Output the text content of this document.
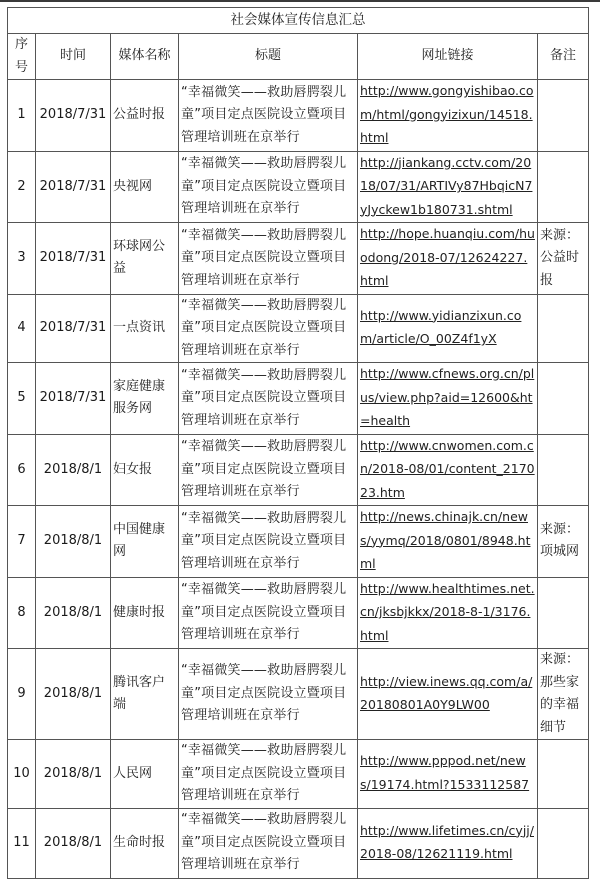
社会媒体宣传信息汇总					
序号	时间	媒体名称	标题	网址链接	备注
1	2018/7/31	公益时报	“幸福微笑——救助唇腭裂儿童”项目定点医院设立暨项目管理培训班在京举行	http://www.gongyishibao.com/html/gongyizixun/14518.html	
2	2018/7/31	央视网	“幸福微笑——救助唇腭裂儿童”项目定点医院设立暨项目管理培训班在京举行	http://jiankang.cctv.com/2018/07/31/ARTIVy87HbqicN7yJyckew1b180731.shtml	
3	2018/7/31	环球网公益	“幸福微笑——救助唇腭裂儿童”项目定点医院设立暨项目管理培训班在京举行	http://hope.huanqiu.com/huodong/2018-07/12624227.html	来源：公益时报
4	2018/7/31	一点资讯	“幸福微笑——救助唇腭裂儿童”项目定点医院设立暨项目管理培训班在京举行	http://www.yidianzixun.com/article/O_00Z4f1yX	
5	2018/7/31	家庭健康服务网	“幸福微笑——救助唇腭裂儿童”项目定点医院设立暨项目管理培训班在京举行	http://www.cfnews.org.cn/plus/view.php?aid=12600&ht=health	
6	2018/8/1	妇女报	“幸福微笑——救助唇腭裂儿童”项目定点医院设立暨项目管理培训班在京举行	http://www.cnwomen.com.cn/2018-08/01/content_217023.htm	
7	2018/8/1	中国健康网	“幸福微笑——救助唇腭裂儿童”项目定点医院设立暨项目管理培训班在京举行	http://news.chinajk.cn/news/yymq/2018/0801/8948.html	来源：项城网
8	2018/8/1	健康时报	“幸福微笑——救助唇腭裂儿童”项目定点医院设立暨项目管理培训班在京举行	http://www.healthtimes.net.cn/jksbjkkx/2018-8-1/3176.html	
9	2018/8/1	腾讯客户端	“幸福微笑——救助唇腭裂儿童”项目定点医院设立暨项目管理培训班在京举行	http://view.inews.qq.com/a/20180801A0Y9LW00	来源：那些家的幸福细节
10	2018/8/1	人民网	“幸福微笑——救助唇腭裂儿童”项目定点医院设立暨项目管理培训班在京举行	http://www.pppod.net/news/19174.html?1533112587	
11	2018/8/1	生命时报	“幸福微笑——救助唇腭裂儿童”项目定点医院设立暨项目管理培训班在京举行	http://www.lifetimes.cn/cyjj/2018-08/12621119.html	
